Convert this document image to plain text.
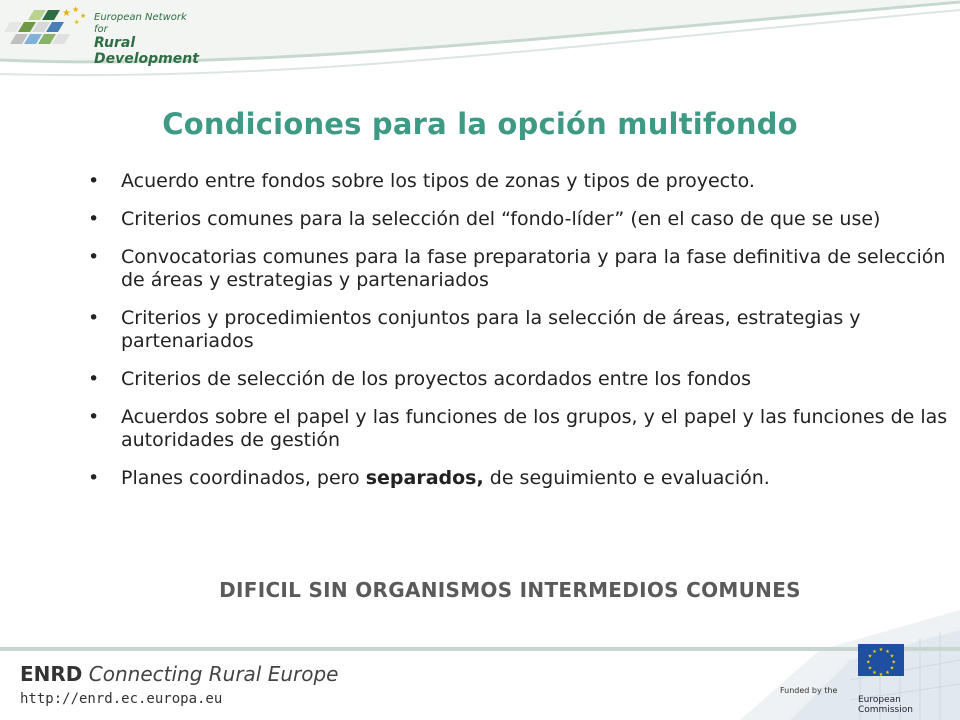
★ ★
★
★ European Network for
Rural Development
Condiciones para la opción multifondo
• Acuerdo entre fondos sobre los tipos de zonas y tipos de proyecto.
• Criterios comunes para la selección del “fondo-líder” (en el caso de que se use)
• Convocatorias comunes para la fase preparatoria y para la fase definitiva de selección de áreas y estrategias y partenariados
• Criterios y procedimientos conjuntos para la selección de áreas, estrategias y partenariados
• Criterios de selección de los proyectos acordados entre los fondos
• Acuerdos sobre el papel y las funciones de los grupos, y el papel y las funciones de las autoridades de gestión
• Planes coordinados, pero separados, de seguimiento e evaluación.
DIFICIL SIN ORGANISMOS INTERMEDIOS COMUNES
ENRD Connecting Rural Europe
http://enrd.ec.europa.eu
Funded by the
★ ★
★
★
★
★
★
★
★
★
★
★
European
Commission
